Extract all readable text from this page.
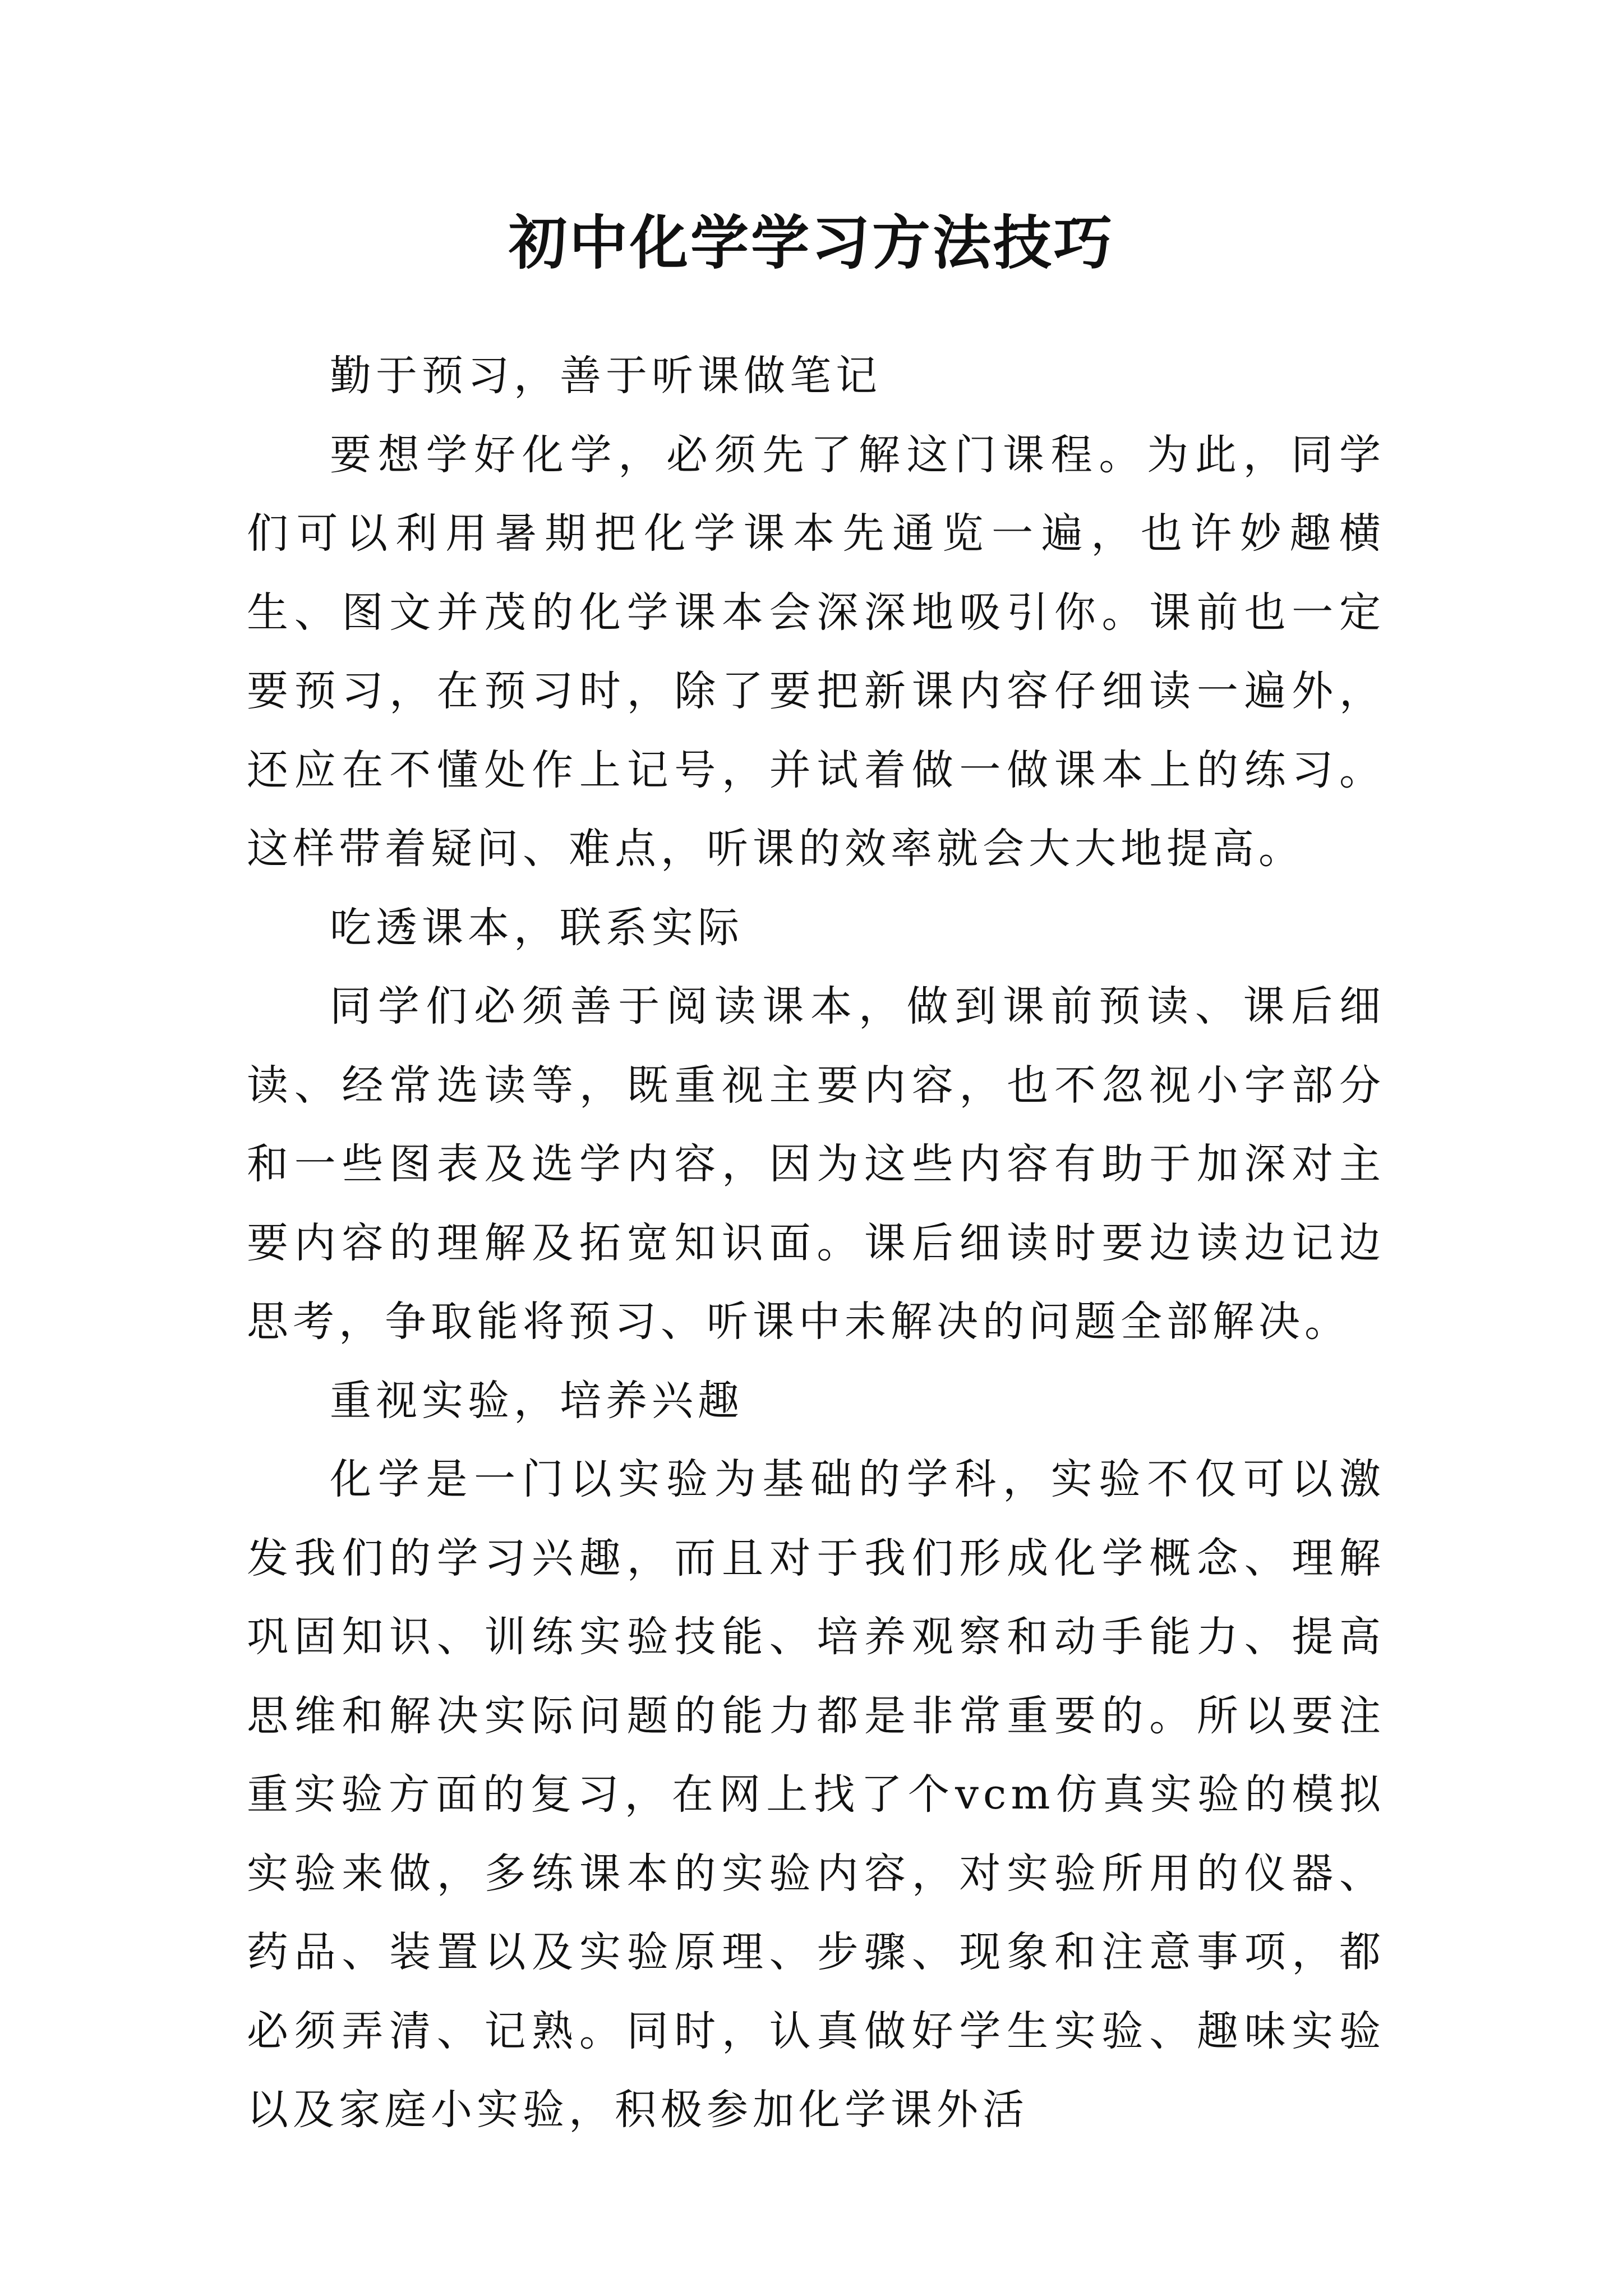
初中化学学习方法技巧

勤于预习，善于听课做笔记

要想学好化学，必须先了解这门课程。为此，同学们可以利用暑期把化学课本先通览一遍，也许妙趣横生、图文并茂的化学课本会深深地吸引你。课前也一定要预习，在预习时，除了要把新课内容仔细读一遍外，还应在不懂处作上记号，并试着做一做课本上的练习。这样带着疑问、难点，听课的效率就会大大地提高。

吃透课本，联系实际

同学们必须善于阅读课本，做到课前预读、课后细读、经常选读等，既重视主要内容，也不忽视小字部分和一些图表及选学内容，因为这些内容有助于加深对主要内容的理解及拓宽知识面。课后细读时要边读边记边思考，争取能将预习、听课中未解决的问题全部解决。

重视实验，培养兴趣

化学是一门以实验为基础的学科，实验不仅可以激发我们的学习兴趣，而且对于我们形成化学概念、理解巩固知识、训练实验技能、培养观察和动手能力、提高思维和解决实际问题的能力都是非常重要的。所以要注重实验方面的复习，在网上找了个vcm仿真实验的模拟实验来做，多练课本的实验内容，对实验所用的仪器、药品、装置以及实验原理、步骤、现象和注意事项，都必须弄清、记熟。同时，认真做好学生实验、趣味实验以及家庭小实验，积极参加化学课外活
